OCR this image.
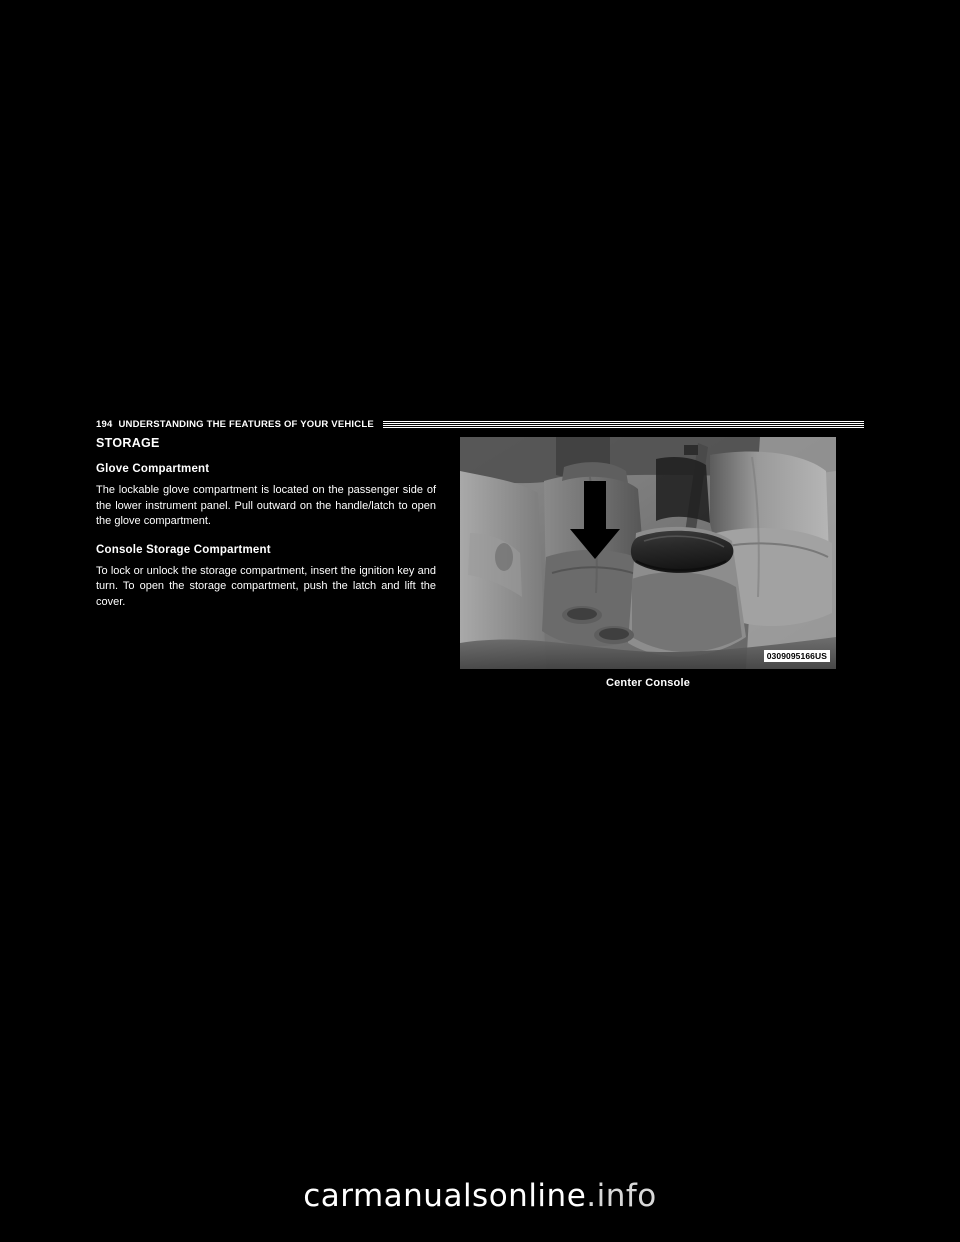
194 UNDERSTANDING THE FEATURES OF YOUR VEHICLE
STORAGE
Glove Compartment

The lockable glove compartment is located on the passenger side of the lower instrument panel. Pull outward on the handle/latch to open the glove compartment.

Console Storage Compartment

To lock or unlock the storage compartment, insert the ignition key and turn. To open the storage compartment, push the latch and lift the cover.

0309095166US
Center Console
carmanualsonline.info
